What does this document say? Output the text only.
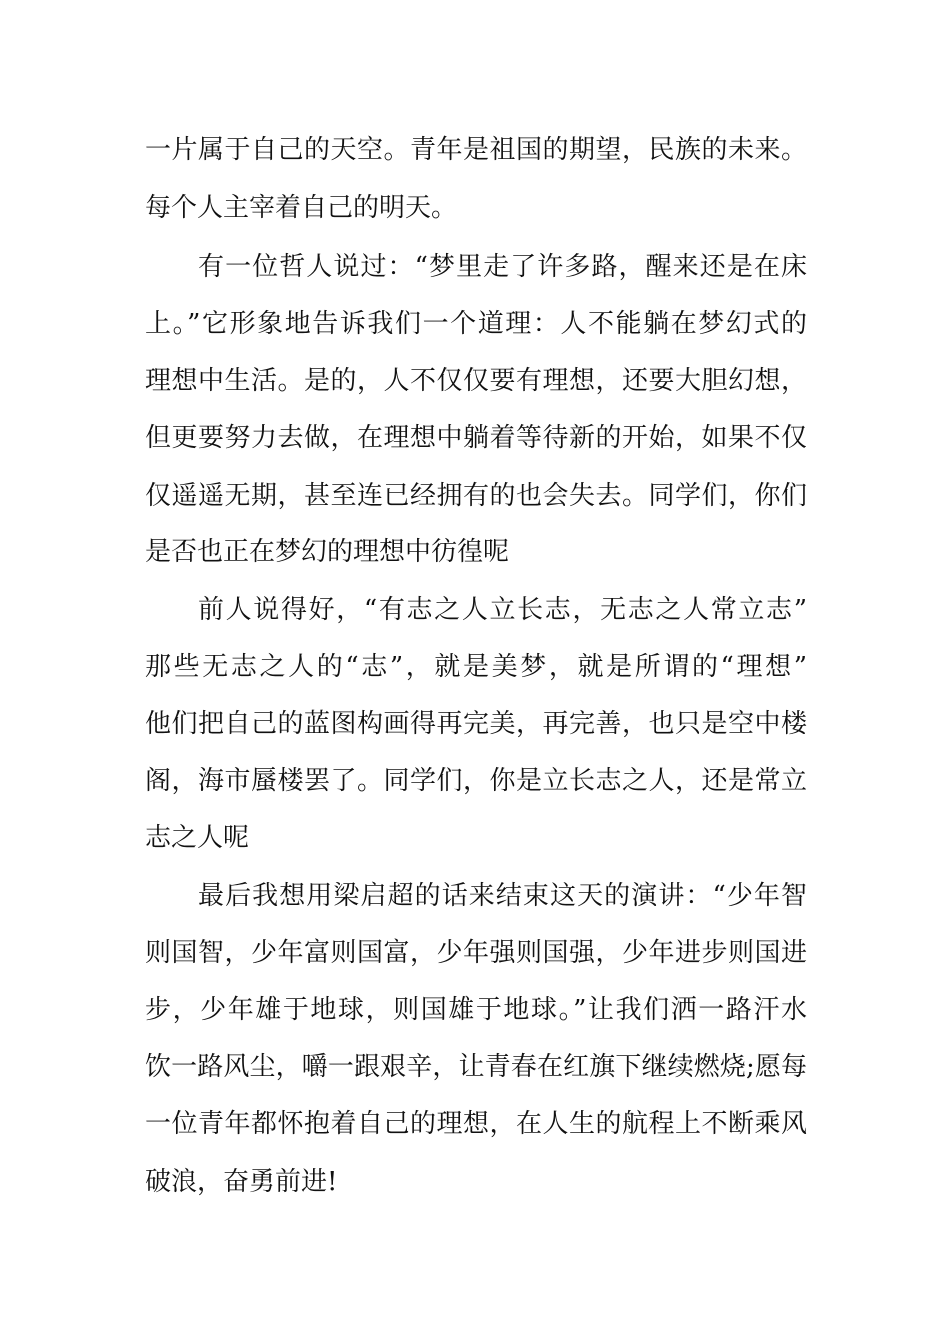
一片属于自己的天空。青年是祖国的期望，民族的未来。

每个人主宰着自己的明天。

有一位哲人说过：“梦里走了许多路，醒来还是在床

上。”它形象地告诉我们一个道理：人不能躺在梦幻式的

理想中生活。是的，人不仅仅要有理想，还要大胆幻想，

但更要努力去做，在理想中躺着等待新的开始，如果不仅

仅遥遥无期，甚至连已经拥有的也会失去。同学们，你们

是否也正在梦幻的理想中彷徨呢

前人说得好，“有志之人立长志，无志之人常立志”

那些无志之人的“志”，就是美梦，就是所谓的“理想”

他们把自己的蓝图构画得再完美，再完善，也只是空中楼

阁，海市蜃楼罢了。同学们，你是立长志之人，还是常立

志之人呢

最后我想用梁启超的话来结束这天的演讲：“少年智

则国智，少年富则国富，少年强则国强，少年进步则国进

步，少年雄于地球，则国雄于地球。”让我们洒一路汗水

饮一路风尘，嚼一跟艰辛，让青春在红旗下继续燃烧;愿每

一位青年都怀抱着自己的理想，在人生的航程上不断乘风

破浪，奋勇前进!
